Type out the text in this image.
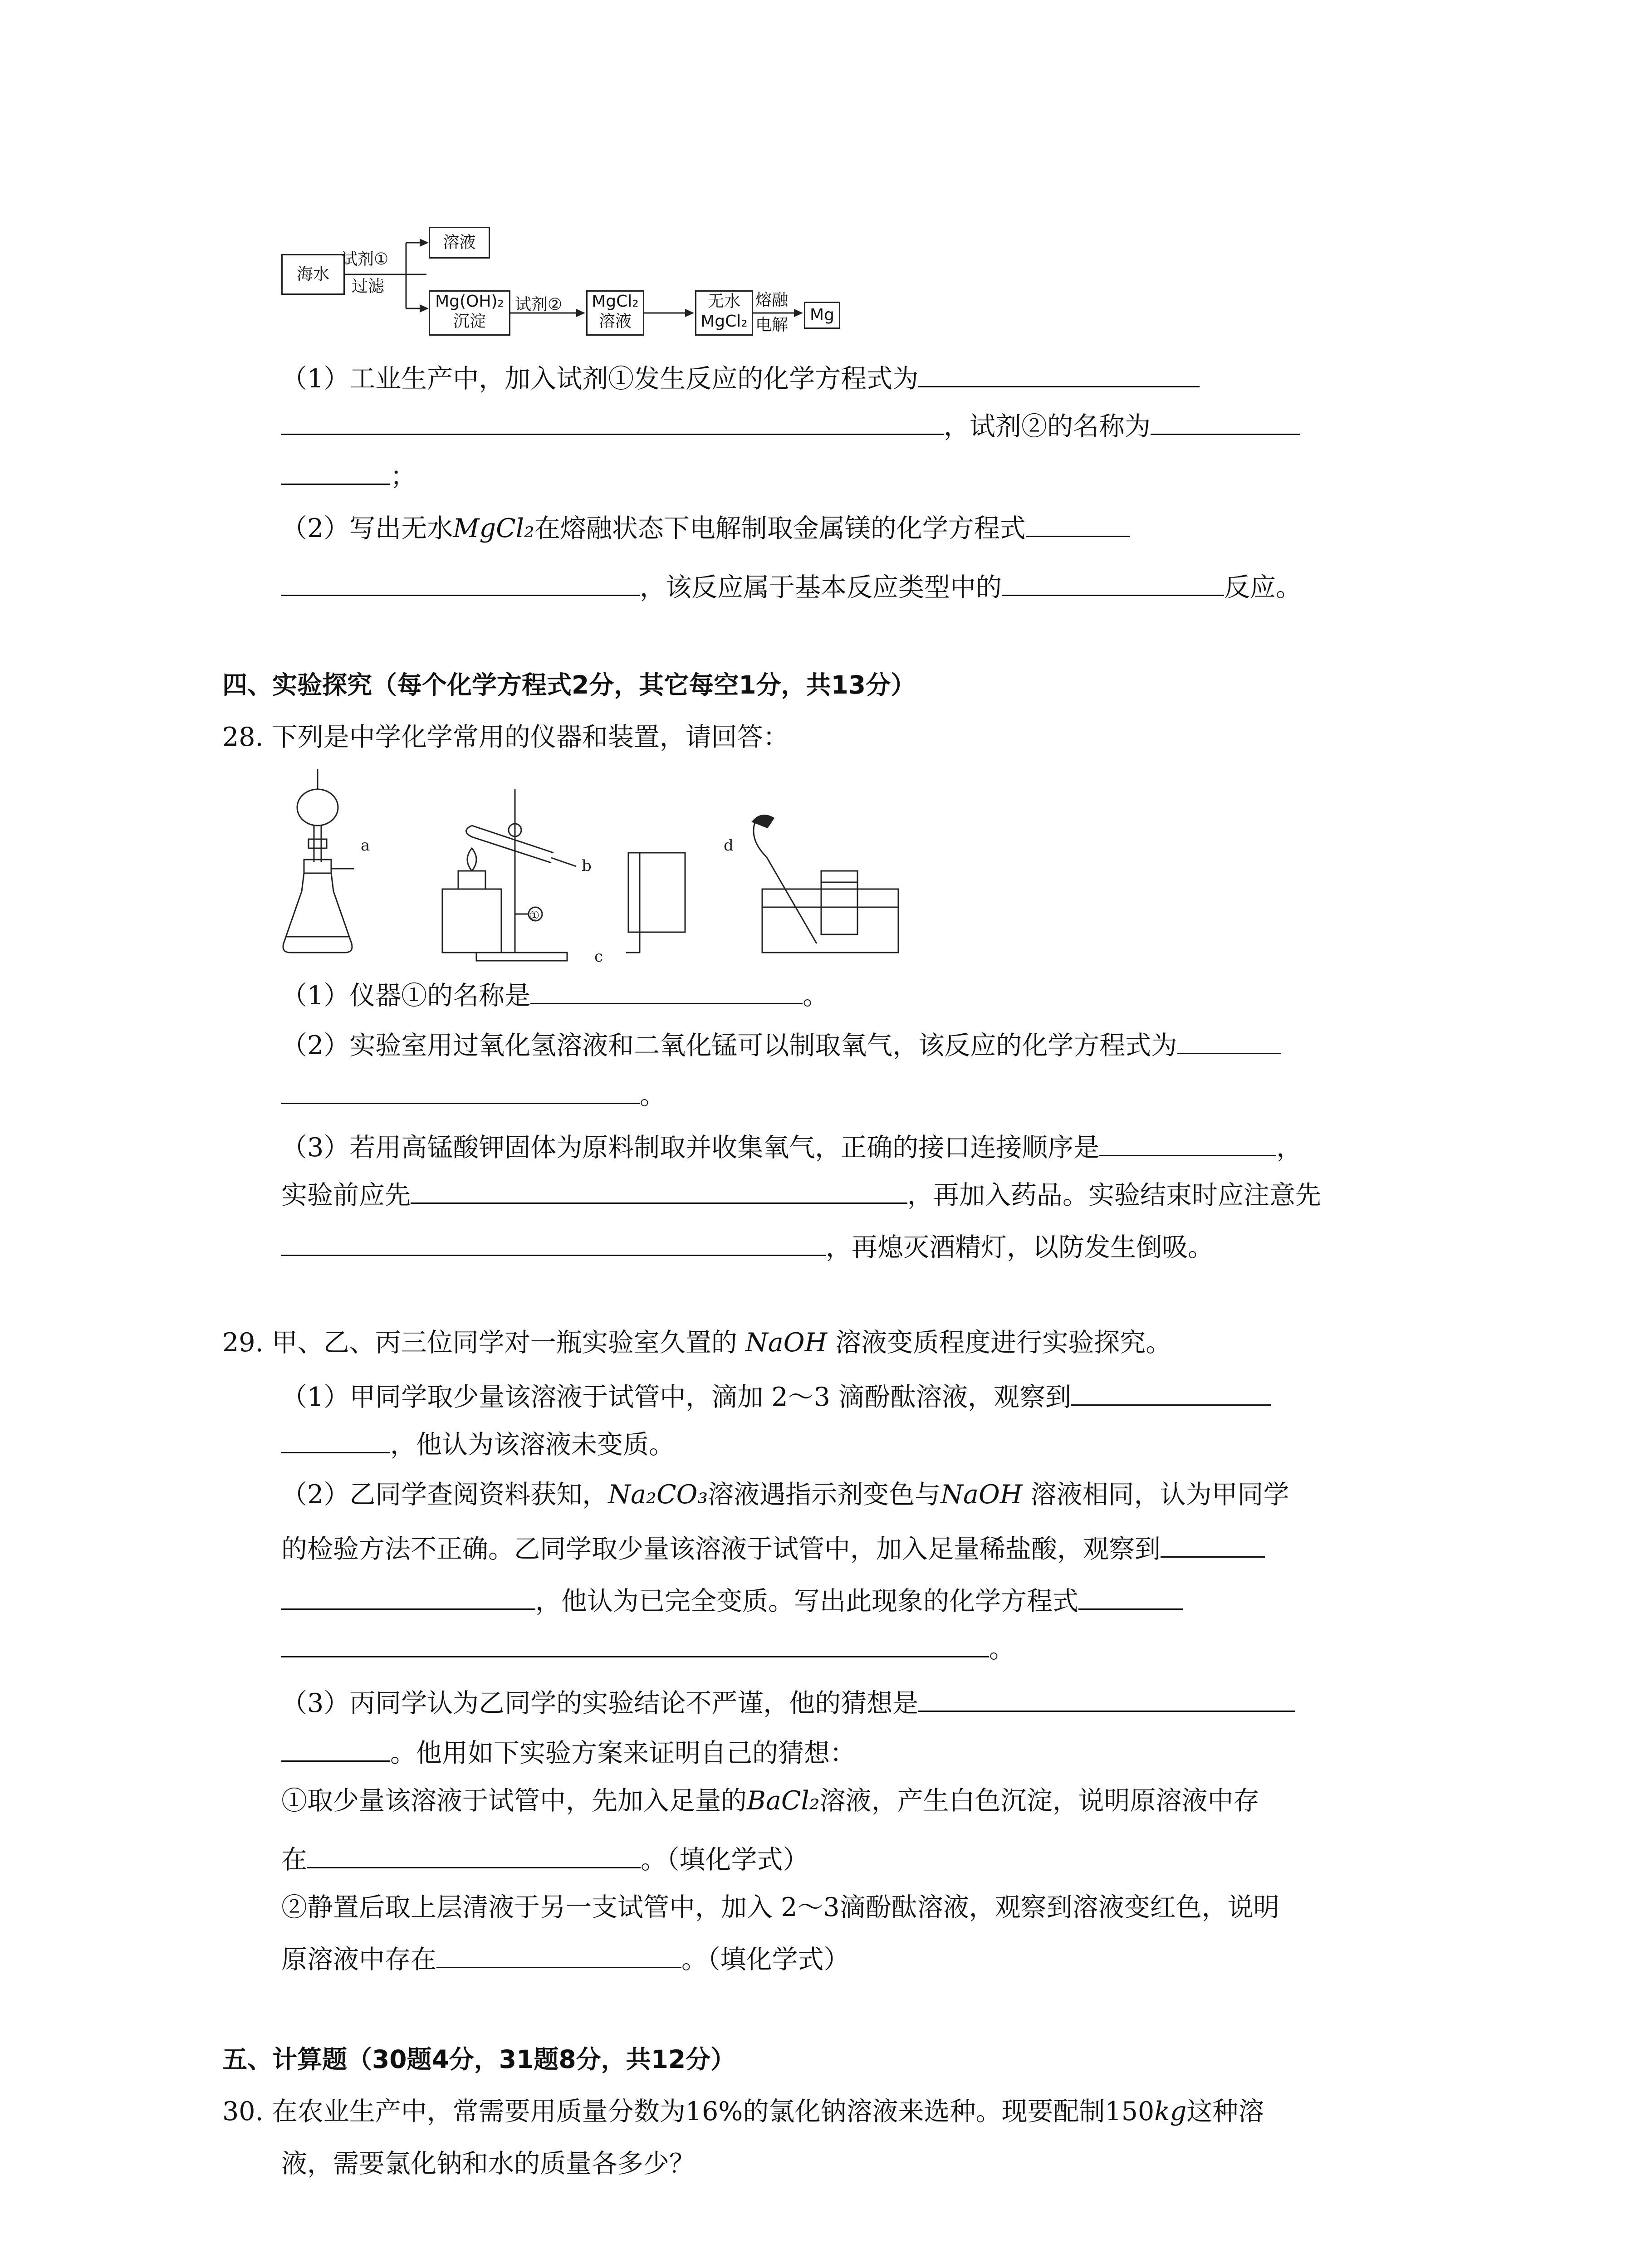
海水
试剂①
过滤
溶液
Mg(OH)₂
沉淀
试剂② MgCl₂
溶液
无水
MgCl₂
熔融
电解
Mg
（1）工业生产中，加入试剂①发生反应的化学方程式为
，试剂②的名称为
；
（2）写出无水MgCl₂在熔融状态下电解制取金属镁的化学方程式
，该反应属于基本反应类型中的	反应。
四、实验探究（每个化学方程式2分，其它每空1分，共13分）
28. 下列是中学化学常用的仪器和装置，请回答：
a
b
c
d
①
（1）仪器①的名称是	。
（2）实验室用过氧化氢溶液和二氧化锰可以制取氧气，该反应的化学方程式为
。
（3）若用高锰酸钾固体为原料制取并收集氧气，正确的接口连接顺序是	，
实验前应先	，再加入药品。实验结束时应注意先
，再熄灭酒精灯，以防发生倒吸。
29. 甲、乙、丙三位同学对一瓶实验室久置的 NaOH 溶液变质程度进行实验探究。
（1）甲同学取少量该溶液于试管中，滴加 2～3 滴酚酞溶液，观察到
，他认为该溶液未变质。
（2）乙同学查阅资料获知，Na₂CO₃溶液遇指示剂变色与NaOH 溶液相同，认为甲同学
的检验方法不正确。乙同学取少量该溶液于试管中，加入足量稀盐酸，观察到
，他认为已完全变质。写出此现象的化学方程式
。
（3）丙同学认为乙同学的实验结论不严谨，他的猜想是
。他用如下实验方案来证明自己的猜想：
①取少量该溶液于试管中，先加入足量的BaCl₂溶液，产生白色沉淀，说明原溶液中存
在	。（填化学式）
②静置后取上层清液于另一支试管中，加入 2～3滴酚酞溶液，观察到溶液变红色，说明
原溶液中存在	。（填化学式）
五、计算题（30题4分，31题8分，共12分）
30. 在农业生产中，常需要用质量分数为16%的氯化钠溶液来选种。现要配制150kg这种溶
液，需要氯化钠和水的质量各多少？
